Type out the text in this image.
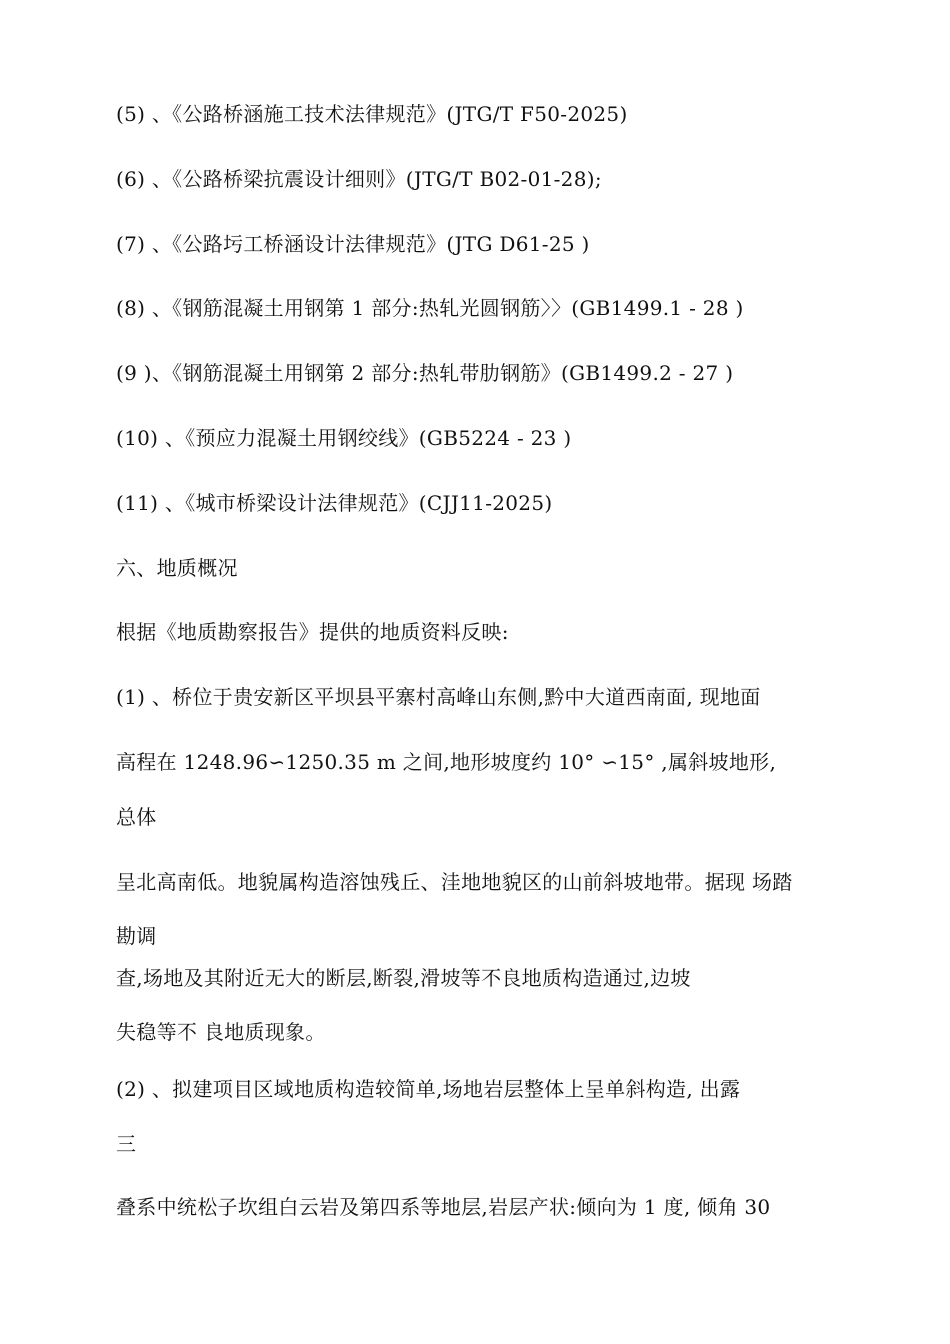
(5) 、《公路桥涵施工技术法律规范》(JTG/T F50-2025)
(6) 、《公路桥梁抗震设计细则》(JTG/T B02-01-28);
(7) 、《公路圬工桥涵设计法律规范》(JTG D61-25 )
(8) 、《钢筋混凝土用钢第 1 部分:热轧光圆钢筋〉〉(GB1499.1 - 28 )
(9 )、《钢筋混凝土用钢第 2 部分:热轧带肋钢筋》(GB1499.2 - 27 )
(10) 、《预应力混凝土用钢绞线》(GB5224 - 23 )
(11) 、《城市桥梁设计法律规范》(CJJ11-2025)
六、地质概况
根据《地质勘察报告》提供的地质资料反映:
(1) 、桥位于贵安新区平坝县平寨村高峰山东侧,黔中大道西南面, 现地面
高程在 1248.96∽1250.35 m 之间,地形坡度约 10° ∽15° ,属斜坡地形,
总体
呈北高南低。地貌属构造溶蚀残丘、洼地地貌区的山前斜坡地带。据现 场踏
勘调
查,场地及其附近无大的断层,断裂,滑坡等不良地质构造通过,边坡
失稳等不 良地质现象。
(2) 、拟建项目区域地质构造较简单,场地岩层整体上呈单斜构造, 出露
三
叠系中统松子坎组白云岩及第四系等地层,岩层产状:倾向为 1 度, 倾角 30
